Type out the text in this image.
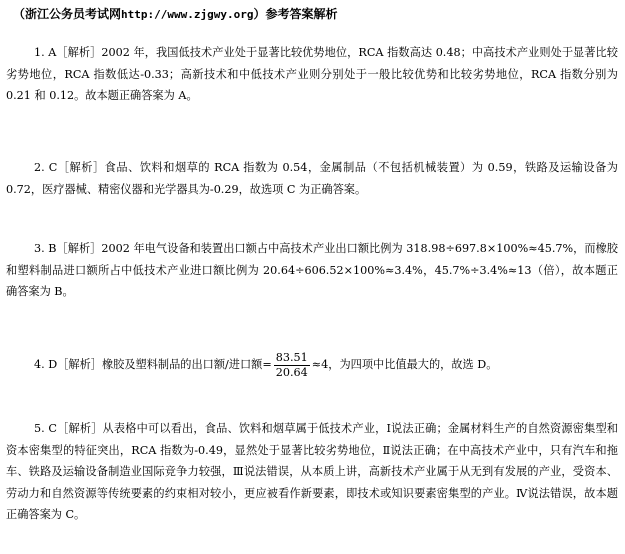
（浙江公务员考试网http://www.zjgwy.org）参考答案解析
1. A［解析］2002 年，我国低技术产业处于显著比较优势地位，RCA 指数高达 0.48；中高技术产业则处于显著比较劣势地位，RCA 指数低达-0.33；高新技术和中低技术产业则分别处于一般比较优势和比较劣势地位，RCA 指数分别为 0.21 和 0.12。故本题正确答案为 A。
2. C［解析］食品、饮料和烟草的 RCA 指数为 0.54，金属制品（不包括机械装置）为 0.59，铁路及运输设备为 0.72，医疗器械、精密仪器和光学器具为-0.29，故选项 C 为正确答案。
3. B［解析］2002 年电气设备和装置出口额占中高技术产业出口额比例为 318.98÷697.8×100%≈45.7%，而橡胶和塑料制品进口额所占中低技术产业进口额比例为 20.64÷606.52×100%≈3.4%，45.7%÷3.4%≈13（倍），故本题正确答案为 B。
4. D［解析］橡胶及塑料制品的出口额/进口额= $\frac{83.51}{20.64} \approx 4$，为四项中比值最大的，故选 D。
5. C［解析］从表格中可以看出，食品、饮料和烟草属于低技术产业，Ⅰ说法正确；金属材料生产的自然资源密集型和资本密集型的特征突出，RCA 指数为-0.49，显然处于显著比较劣势地位，Ⅱ说法正确；在中高技术产业中，只有汽车和拖车、铁路及运输设备制造业国际竞争力较强，Ⅲ说法错误，从本质上讲，高新技术产业属于从无到有发展的产业，受资本、劳动力和自然资源等传统要素的约束相对较小，更应被看作新要素，即技术或知识要素密集型的产业。Ⅳ说法错误，故本题正确答案为 C。
